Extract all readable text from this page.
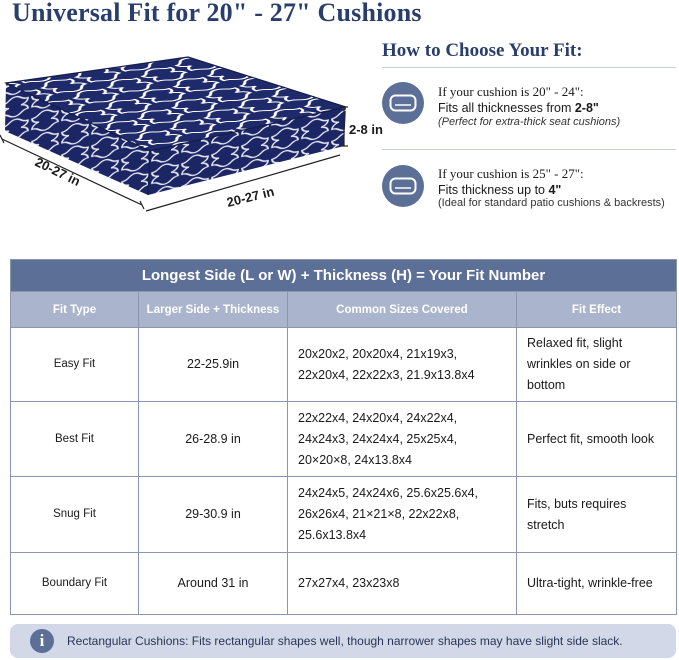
Universal Fit for 20" - 27" Cushions
2-8 in
20-27 in
20-27 in
How to Choose Your Fit:
If your cushion is 20" - 24":
Fits all thicknesses from 2-8"
(Perfect for extra-thick seat cushions)
If your cushion is 25" - 27":
Fits thickness up to 4"
(Ideal for standard patio cushions & backrests)
Longest Side (L or W) + Thickness (H) = Your Fit Number			
Fit Type	Larger Side + Thickness	Common Sizes Covered	Fit Effect
Easy Fit	22-25.9in	20x20x2, 20x20x4, 21x19x3, 22x20x4, 22x22x3, 21.9x13.8x4	Relaxed fit, slight wrinkles on side or bottom
Best Fit	26-28.9 in	22x22x4, 24x20x4, 24x22x4, 24x24x3, 24x24x4, 25x25x4, 20×20×8, 24x13.8x4	Perfect fit, smooth look
Snug Fit	29-30.9 in	24x24x5, 24x24x6, 25.6x25.6x4, 26x26x4, 21×21×8, 22x22x8, 25.6x13.8x4	Fits, buts requires stretch
Boundary Fit	Around 31 in	27x27x4, 23x23x8	Ultra-tight, wrinkle-free
i	Rectangular Cushions: Fits rectangular shapes well, though narrower shapes may have slight side slack.
